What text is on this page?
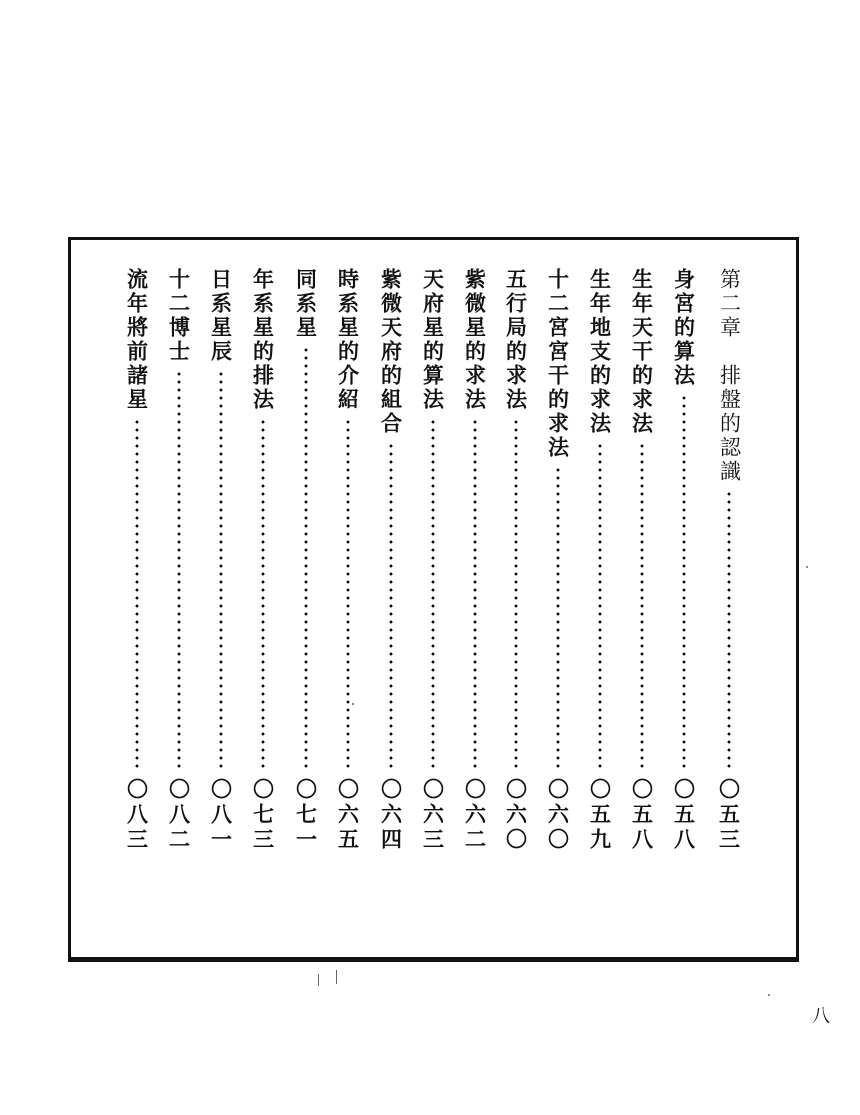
第二章　排盤的認識
〇五三
身宮的算法
〇五八
生年天干的求法
〇五八
生年地支的求法
〇五九
十二宮宮干的求法
〇六〇
五行局的求法
〇六〇
紫微星的求法
〇六二
天府星的算法
〇六三
紫微天府的組合
〇六四
時系星的介紹
〇六五
同系星
〇七一
年系星的排法
〇七三
日系星辰
〇八一
十二博士
〇八二
流年將前諸星
〇八三
八
